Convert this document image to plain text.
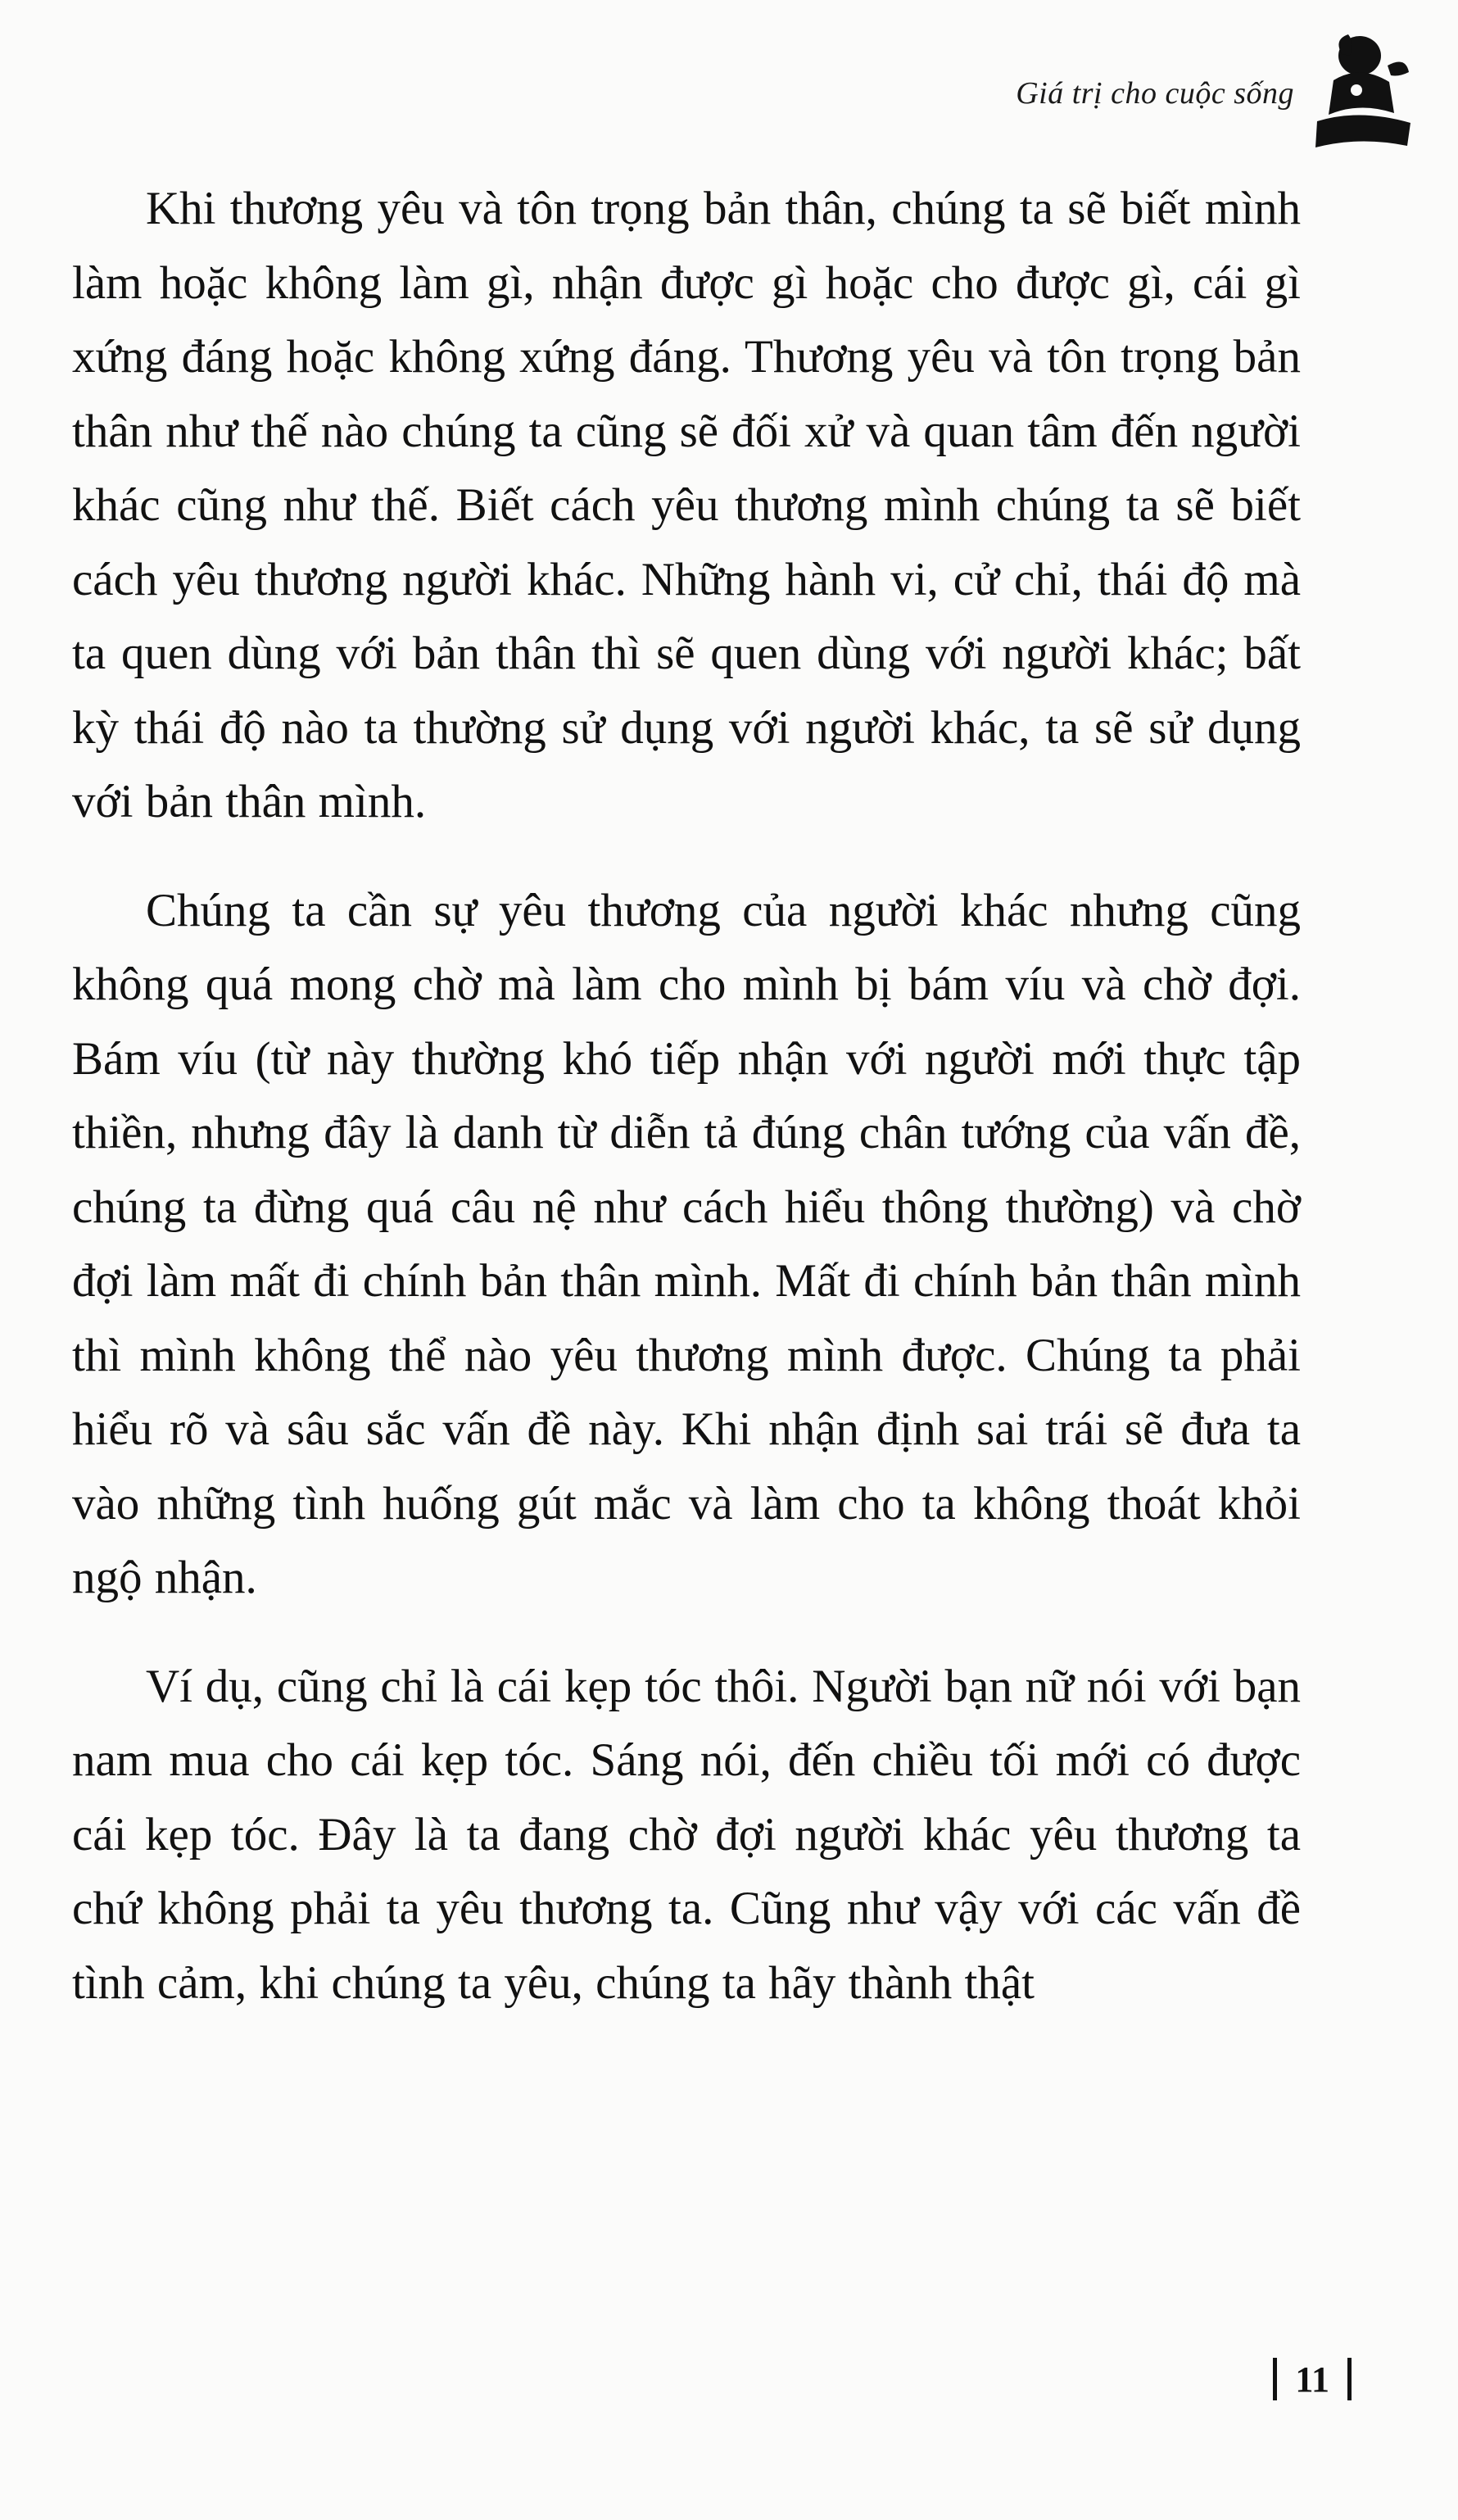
Giá trị cho cuộc sống

Khi thương yêu và tôn trọng bản thân, chúng ta sẽ biết mình làm hoặc không làm gì, nhận được gì hoặc cho được gì, cái gì xứng đáng hoặc không xứng đáng. Thương yêu và tôn trọng bản thân như thế nào chúng ta cũng sẽ đối xử và quan tâm đến người khác cũng như thế. Biết cách yêu thương mình chúng ta sẽ biết cách yêu thương người khác. Những hành vi, cử chỉ, thái độ mà ta quen dùng với bản thân thì sẽ quen dùng với người khác; bất kỳ thái độ nào ta thường sử dụng với người khác, ta sẽ sử dụng với bản thân mình.

Chúng ta cần sự yêu thương của người khác nhưng cũng không quá mong chờ mà làm cho mình bị bám víu và chờ đợi. Bám víu (từ này thường khó tiếp nhận với người mới thực tập thiền, nhưng đây là danh từ diễn tả đúng chân tướng của vấn đề, chúng ta đừng quá câu nệ như cách hiểu thông thường) và chờ đợi làm mất đi chính bản thân mình. Mất đi chính bản thân mình thì mình không thể nào yêu thương mình được. Chúng ta phải hiểu rõ và sâu sắc vấn đề này. Khi nhận định sai trái sẽ đưa ta vào những tình huống gút mắc và làm cho ta không thoát khỏi ngộ nhận.

Ví dụ, cũng chỉ là cái kẹp tóc thôi. Người bạn nữ nói với bạn nam mua cho cái kẹp tóc. Sáng nói, đến chiều tối mới có được cái kẹp tóc. Đây là ta đang chờ đợi người khác yêu thương ta chứ không phải ta yêu thương ta. Cũng như vậy với các vấn đề tình cảm, khi chúng ta yêu, chúng ta hãy thành thật

11
